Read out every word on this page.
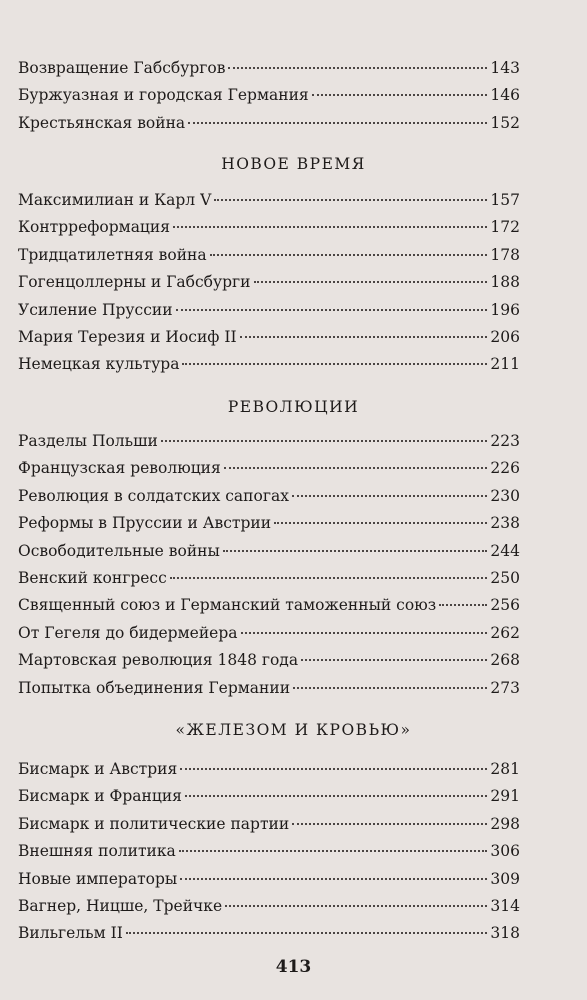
Возвращение Габсбургов	143
Буржуазная и городская Германия	146
Крестьянская война	152
НОВОЕ ВРЕМЯ
Максимилиан и Карл V	157
Контрреформация	172
Тридцатилетняя война	178
Гогенцоллерны и Габсбурги	188
Усиление Пруссии	196
Мария Терезия и Иосиф II	206
Немецкая культура	211
РЕВОЛЮЦИИ
Разделы Польши	223
Французская революция	226
Революция в солдатских сапогах	230
Реформы в Пруссии и Австрии	238
Освободительные войны	244
Венский конгресс	250
Священный союз и Германский таможенный союз	256
От Гегеля до бидермейера	262
Мартовская революция 1848 года	268
Попытка объединения Германии	273
«ЖЕЛЕЗОМ И КРОВЬЮ»
Бисмарк и Австрия	281
Бисмарк и Франция	291
Бисмарк и политические партии	298
Внешняя политика	306
Новые императоры	309
Вагнер, Ницше, Трейчке	314
Вильгельм II	318
413
